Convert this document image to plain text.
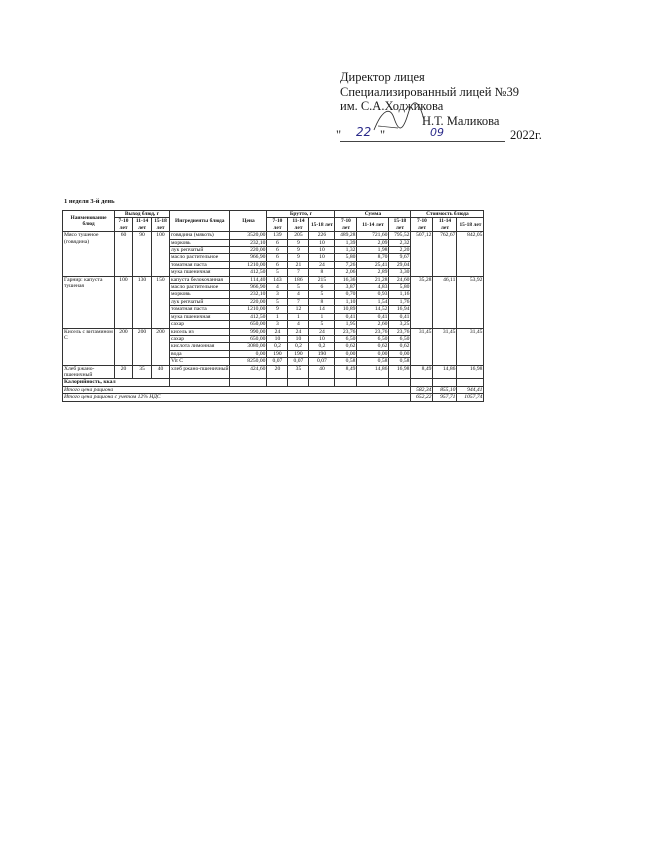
Директор лицея
Специализированный лицей №39
им. С.А.Ходжикова
Н.Т. Маликова
" 22 "	09	2022г.
1 неделя 3-й день
Наименование блюд	Выход блюд, г			Ингредиенты блюда	Цена	Брутто, г			Сумма			Стоимость блюда		
	7-10 лет	11-14 лет	15-18 лет			7-10 лет	11-14 лет	15-18 лет	7-10 лет	11-14 лет	15-18 лет	7-10 лет	11-14 лет	15-18 лет
Мясо тушеное (говядина)	60	90	100	говядина (мякоть)	3520,00	139	205	226	489,28	721,60	795,52	507,12	762,67	842,05
				морковь	232,10	6	9	10	1,39	2,09	2,32			
				лук репчатый	220,00	6	9	10	1,32	1,98	2,20			
				масло растительное	966,90	6	9	10	5,80	8,70	9,67			
				томатная паста	1210,00	6	21	24	7,26	25,41	29,04			
				мука пшеничная	412,50	5	7	8	2,06	2,89	3,30			
Гарнир: капуста тушеная	100	130	150	капуста белокочанная	114,40	143	186	215	16,36	21,28	24,60	35,28	46,11	53,92
				масло растительное	966,90	4	5	6	3,87	4,83	5,80			
				морковь	232,10	3	4	5	0,70	0,93	1,16			
				лук репчатый	220,00	5	7	8	1,10	1,54	1,76			
				томатная паста	1210,00	9	12	14	10,89	14,52	16,94			
				мука пшеничная	412,50	1	1	1	0,41	0,41	0,41			
				сахар	650,00	3	4	5	1,95	2,60	3,25			
Кисель с витамином С	200	200	200	кисель из	990,00	24	24	24	23,76	23,76	23,76	31,45	31,45	31,45
				сахар	650,00	10	10	10	6,50	6,50	6,50			
				кислота лимонная	3080,00	0,2	0,2	0,2	0,62	0,62	0,62			
				вода	0,00	190	190	190	0,00	0,00	0,00			
				Vit C	8250,00	0,07	0,07	0,07	0,58	0,58	0,58			
Хлеб ржано-пшеничный	20	35	40	хлеб ржано-пшеничный	424,60	20	35	40	8,49	14,86	16,98	8,49	14,86	16,98
Калорийность, ккал														
Итого цена рациона												582,34	855,10	944,41
Итого цена рациона с учетом 12% НДС												652,22	957,71	1057,74
